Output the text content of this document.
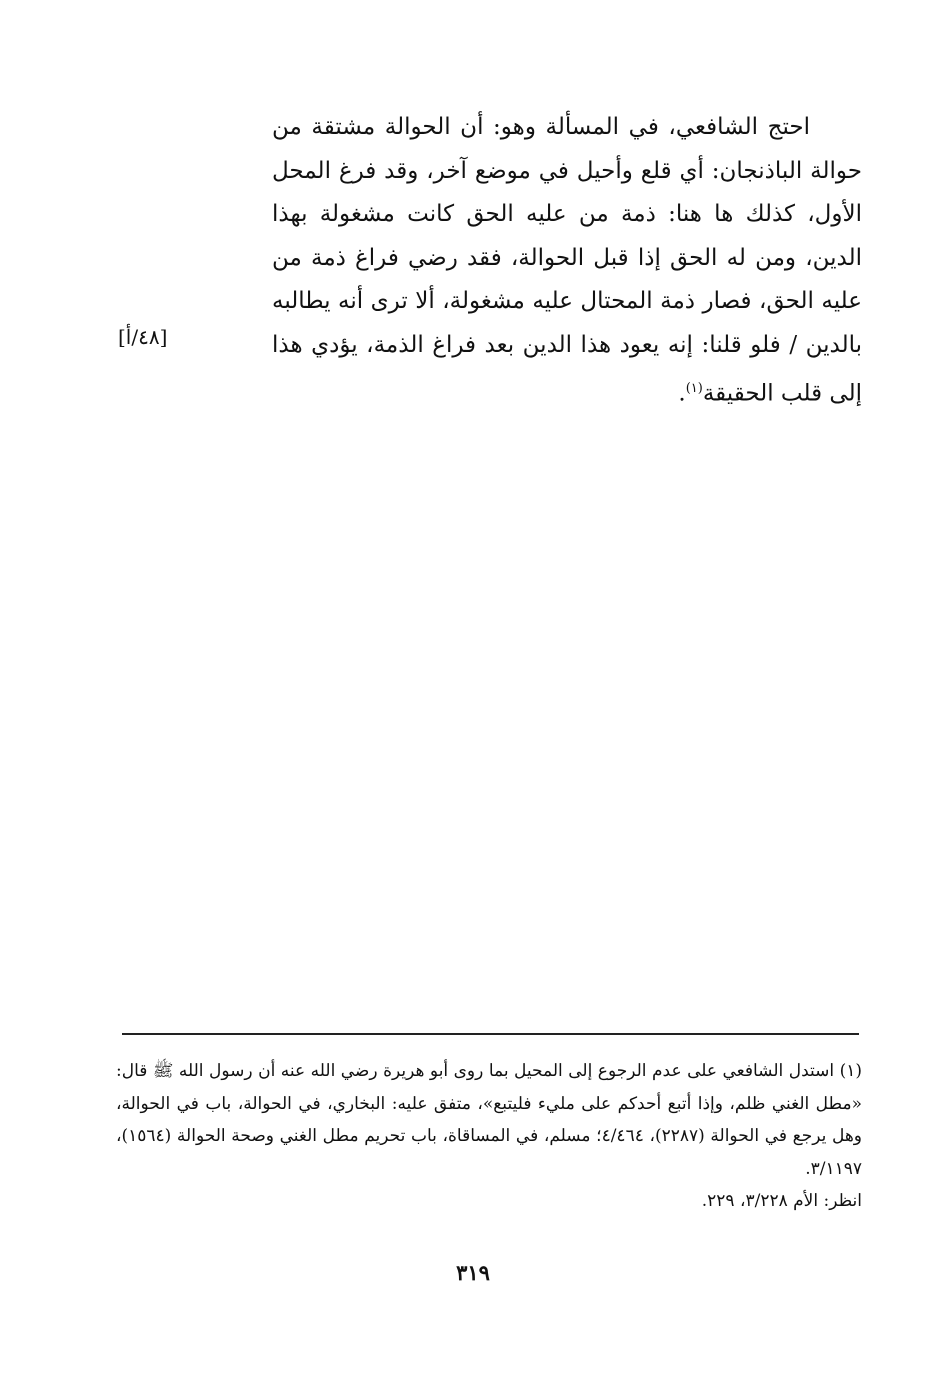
احتج الشافعي، في المسألة وهو: أن الحوالة مشتقة من حوالة الباذنجان: أي قلع وأحيل في موضع آخر، وقد فرغ المحل الأول، كذلك ها هنا: ذمة من عليه الحق كانت مشغولة بهذا الدين، ومن له الحق إذا قبل الحوالة، فقد رضي فراغ ذمة من عليه الحق، فصار ذمة المحتال عليه مشغولة، ألا ترى أنه يطالبه بالدين / فلو قلنا: إنه يعود هذا الدين بعد فراغ الذمة، يؤدي هذا إلى قلب الحقيقة$^{(١)}$.

[٤٨/أ]

(١) استدل الشافعي على عدم الرجوع إلى المحيل بما روى أبو هريرة رضي الله عنه أن رسول الله ﷺ قال: «مطل الغني ظلم، وإذا أتبع أحدكم على مليء فليتبع»، متفق عليه: البخاري، في الحوالة، باب في الحوالة، وهل يرجع في الحوالة (٢٢٨٧)، ٤/٤٦٤؛ مسلم، في المساقاة، باب تحريم مطل الغني وصحة الحوالة (١٥٦٤)، ٣/١١٩٧.

انظر: الأم ٣/٢٢٨، ٢٢٩.

٣١٩
